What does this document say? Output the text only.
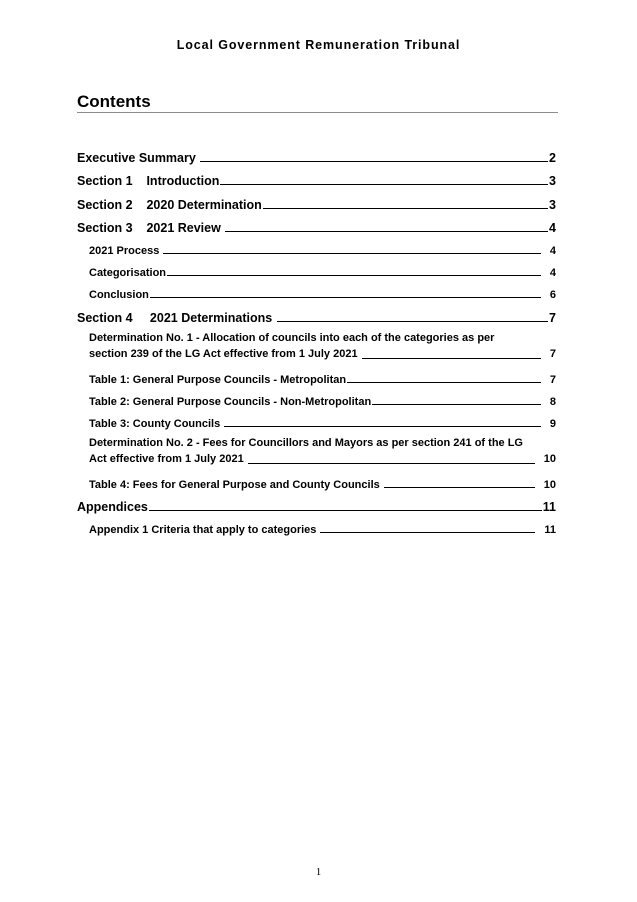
Local Government Remuneration Tribunal
Contents
Executive Summary	2
Section 1    Introduction	3
Section 2    2020 Determination	3
Section 3    2021 Review	4
2021 Process	4
Categorisation	4
Conclusion	6
Section 4     2021 Determinations	7
Determination No. 1 - Allocation of councils into each of the categories as per
section 239 of the LG Act effective from 1 July 2021	7
Table 1: General Purpose Councils - Metropolitan	7
Table 2: General Purpose Councils - Non-Metropolitan	8
Table 3: County Councils	9
Determination No. 2 - Fees for Councillors and Mayors as per section 241 of the LG
Act effective from 1 July 2021	10
Table 4: Fees for General Purpose and County Councils	10
Appendices	11
Appendix 1 Criteria that apply to categories	11
1
